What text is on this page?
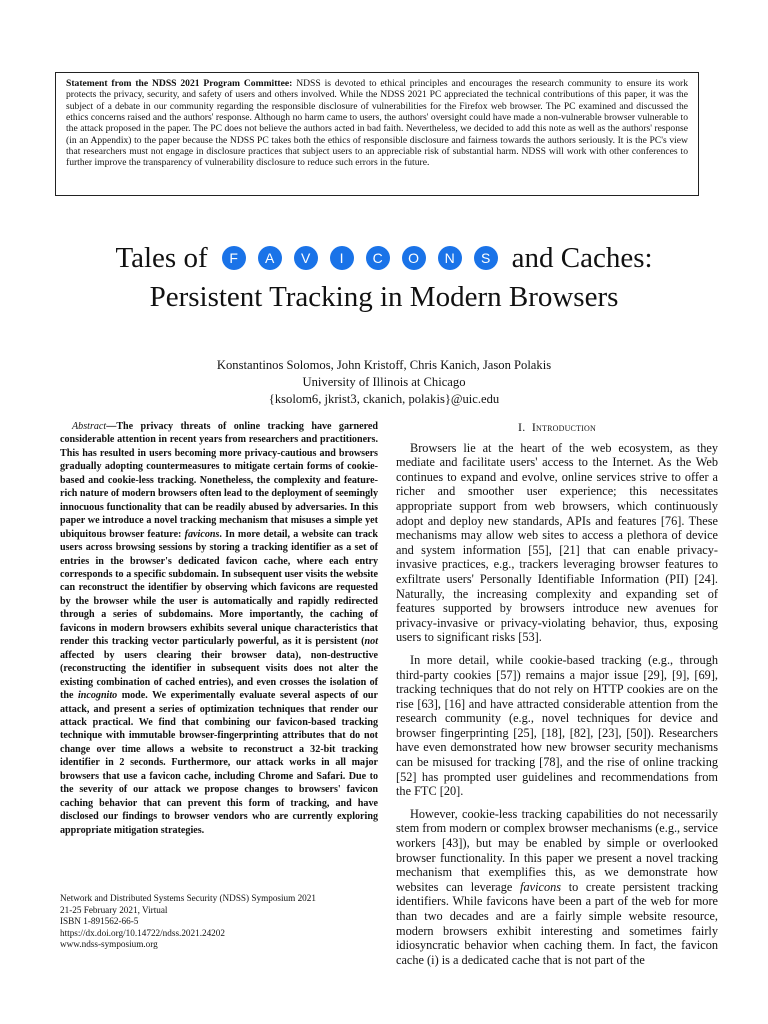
Statement from the NDSS 2021 Program Committee: NDSS is devoted to ethical principles and encourages the research community to ensure its work protects the privacy, security, and safety of users and others involved. While the NDSS 2021 PC appreciated the technical contributions of this paper, it was the subject of a debate in our community regarding the responsible disclosure of vulnerabilities for the Firefox web browser. The PC examined and discussed the ethics concerns raised and the authors' response. Although no harm came to users, the authors' oversight could have made a non-vulnerable browser vulnerable to the attack proposed in the paper. The PC does not believe the authors acted in bad faith. Nevertheless, we decided to add this note as well as the authors' response (in an Appendix) to the paper because the NDSS PC takes both the ethics of responsible disclosure and fairness towards the authors seriously. It is the PC's view that researchers must not engage in disclosure practices that subject users to an appreciable risk of substantial harm. NDSS will work with other conferences to further improve the transparency of vulnerability disclosure to reduce such errors in the future.
Tales of	F	A	V	I	C	O	N	S and Caches:
Persistent Tracking in Modern Browsers
Konstantinos Solomos, John Kristoff, Chris Kanich, Jason Polakis
University of Illinois at Chicago
{ksolom6, jkrist3, ckanich, polakis}@uic.edu
Abstract—The privacy threats of online tracking have garnered considerable attention in recent years from researchers and practitioners. This has resulted in users becoming more privacy-cautious and browsers gradually adopting countermeasures to mitigate certain forms of cookie-based and cookie-less tracking. Nonetheless, the complexity and feature-rich nature of modern browsers often lead to the deployment of seemingly innocuous functionality that can be readily abused by adversaries. In this paper we introduce a novel tracking mechanism that misuses a simple yet ubiquitous browser feature: favicons. In more detail, a website can track users across browsing sessions by storing a tracking identifier as a set of entries in the browser's dedicated favicon cache, where each entry corresponds to a specific subdomain. In subsequent user visits the website can reconstruct the identifier by observing which favicons are requested by the browser while the user is automatically and rapidly redirected through a series of subdomains. More importantly, the caching of favicons in modern browsers exhibits several unique characteristics that render this tracking vector particularly powerful, as it is persistent (not affected by users clearing their browser data), non-destructive (reconstructing the identifier in subsequent visits does not alter the existing combination of cached entries), and even crosses the isolation of the incognito mode. We experimentally evaluate several aspects of our attack, and present a series of optimization techniques that render our attack practical. We find that combining our favicon-based tracking technique with immutable browser-fingerprinting attributes that do not change over time allows a website to reconstruct a 32-bit tracking identifier in 2 seconds. Furthermore, our attack works in all major browsers that use a favicon cache, including Chrome and Safari. Due to the severity of our attack we propose changes to browsers' favicon caching behavior that can prevent this form of tracking, and have disclosed our findings to browser vendors who are currently exploring appropriate mitigation strategies.
Network and Distributed Systems Security (NDSS) Symposium 2021
21-25 February 2021, Virtual
ISBN 1-891562-66-5
https://dx.doi.org/10.14722/ndss.2021.24202
www.ndss-symposium.org
I. Introduction

Browsers lie at the heart of the web ecosystem, as they mediate and facilitate users' access to the Internet. As the Web continues to expand and evolve, online services strive to offer a richer and smoother user experience; this necessitates appropriate support from web browsers, which continuously adopt and deploy new standards, APIs and features [76]. These mechanisms may allow web sites to access a plethora of device and system information [55], [21] that can enable privacy-invasive practices, e.g., trackers leveraging browser features to exfiltrate users' Personally Identifiable Information (PII) [24]. Naturally, the increasing complexity and expanding set of features supported by browsers introduce new avenues for privacy-invasive or privacy-violating behavior, thus, exposing users to significant risks [53].

In more detail, while cookie-based tracking (e.g., through third-party cookies [57]) remains a major issue [29], [9], [69], tracking techniques that do not rely on HTTP cookies are on the rise [63], [16] and have attracted considerable attention from the research community (e.g., novel techniques for device and browser fingerprinting [25], [18], [82], [23], [50]). Researchers have even demonstrated how new browser security mechanisms can be misused for tracking [78], and the rise of online tracking [52] has prompted user guidelines and recommendations from the FTC [20].

However, cookie-less tracking capabilities do not necessarily stem from modern or complex browser mechanisms (e.g., service workers [43]), but may be enabled by simple or overlooked browser functionality. In this paper we present a novel tracking mechanism that exemplifies this, as we demonstrate how websites can leverage favicons to create persistent tracking identifiers. While favicons have been a part of the web for more than two decades and are a fairly simple website resource, modern browsers exhibit interesting and sometimes fairly idiosyncratic behavior when caching them. In fact, the favicon cache (i) is a dedicated cache that is not part of the
